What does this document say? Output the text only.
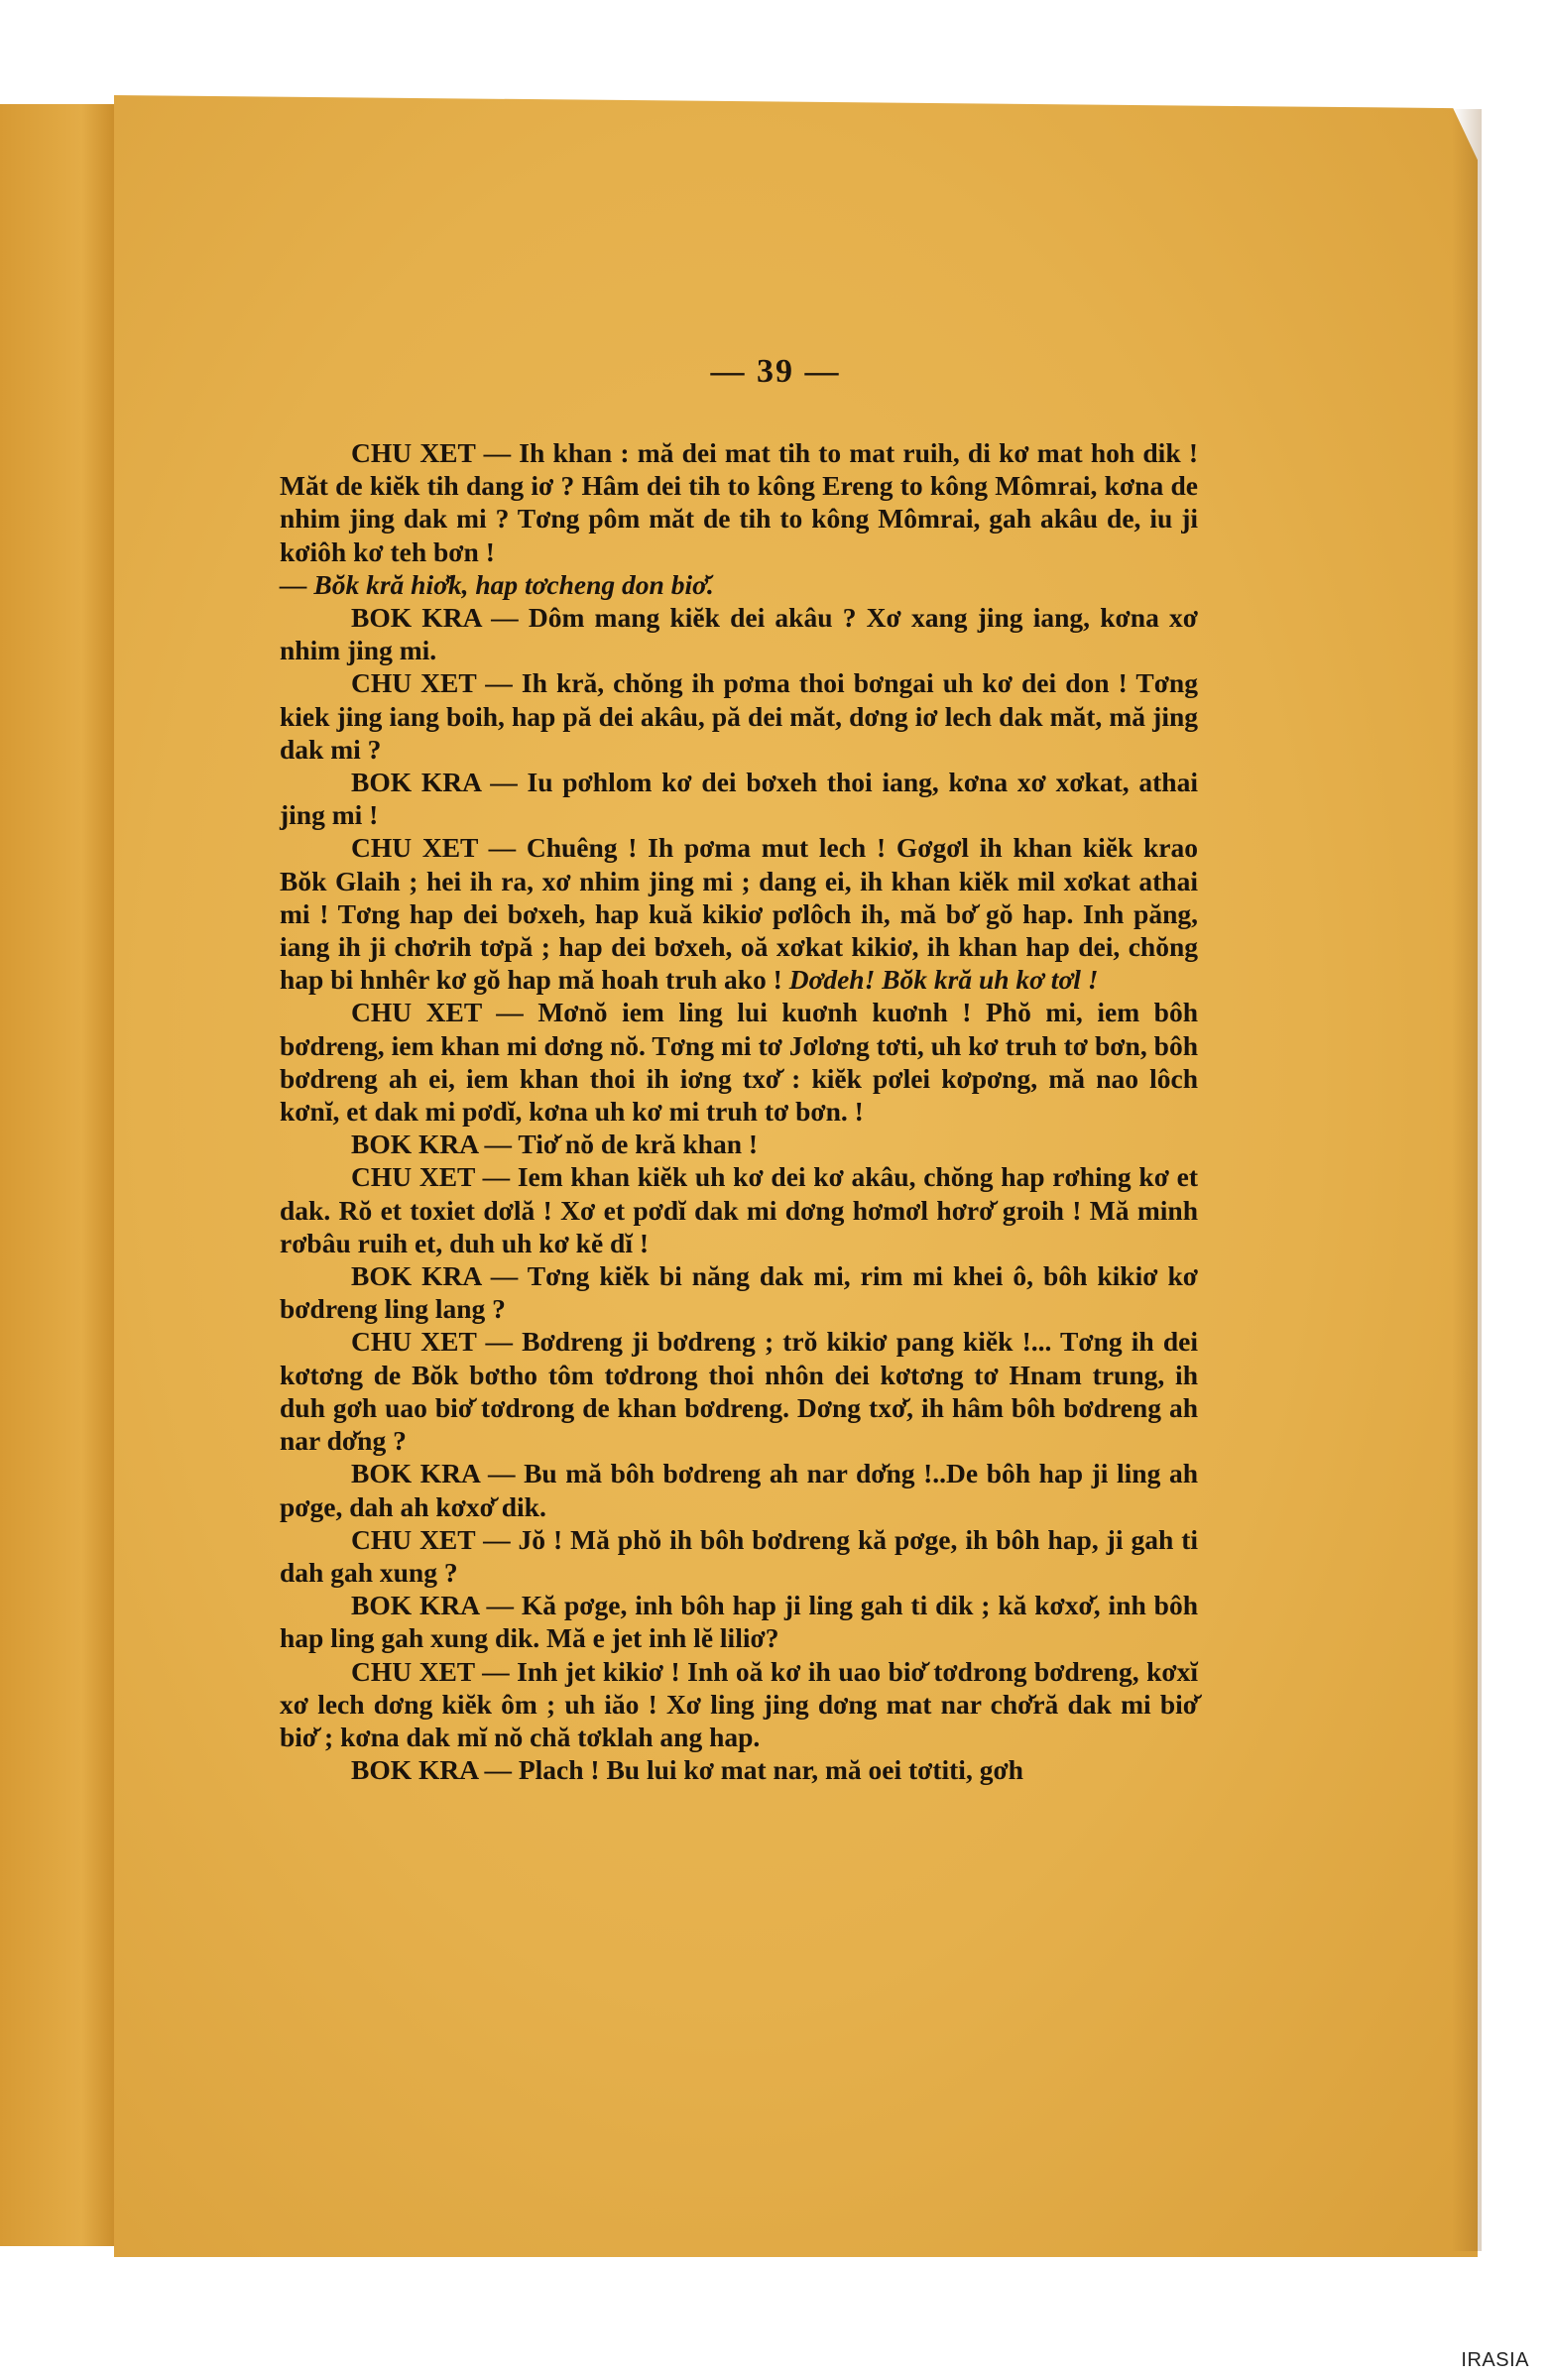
— 39 —

CHU XET — Ih khan : mă dei mat tih to mat ruih, di kơ mat hoh dik ! Măt de kiĕk tih dang iơ ? Hâm dei tih to kông Ereng to kông Mômrai, kơna de nhim jing dak mi ? Tơng pôm măt de tih to kông Mômrai, gah akâu de, iu ji kơiôh kơ teh bơn !
— Bŏk kră hiơ̆k, hap tơcheng don biơ̆.

BOK KRA — Dôm mang kiĕk dei akâu ? Xơ xang jing iang, kơna xơ nhim jing mi.

CHU XET — Ih kră, chŏng ih pơma thoi bơngai uh kơ dei don ! Tơng kiek jing iang boih, hap pă dei akâu, pă dei măt, dơng iơ lech dak măt, mă jing dak mi ?

BOK KRA — Iu pơhlom kơ dei bơxeh thoi iang, kơna xơ xơkat, athai jing mi !

CHU XET — Chuêng ! Ih pơma mut lech ! Gơgơl ih khan kiĕk krao Bŏk Glaih ; hei ih ra, xơ nhim jing mi ; dang ei, ih khan kiĕk mil xơkat athai mi ! Tơng hap dei bơxeh, hap kuă kikiơ pơlôch ih, mă bơ̆ gŏ hap. Inh păng, iang ih ji chơrih tơpă ; hap dei bơxeh, oă xơkat kikiơ, ih khan hap dei, chŏng hap bi hnhêr kơ gŏ hap mă hoah truh ako ! Dơdeh! Bŏk kră uh kơ tơl !

CHU XET — Mơnŏ iem ling lui kuơnh kuơnh ! Phŏ mi, iem bôh bơdreng, iem khan mi dơng nŏ. Tơng mi tơ Jơlơng tơti, uh kơ truh tơ bơn, bôh bơdreng ah ei, iem khan thoi ih iơng txơ̆ : kiĕk pơlei kơpơng, mă nao lôch kơnĭ, et dak mi pơdĭ, kơna uh kơ mi truh tơ bơn. !

BOK KRA — Tiơ̆ nŏ de kră khan !

CHU XET — Iem khan kiĕk uh kơ dei kơ akâu, chŏng hap rơhing kơ et dak. Rŏ et toxiet dơlă ! Xơ et pơdĭ dak mi dơng hơmơl hơrơ̆ groih ! Mă minh rơbâu ruih et, duh uh kơ kĕ dĭ !

BOK KRA — Tơng kiĕk bi năng dak mi, rim mi khei ô, bôh kikiơ kơ bơdreng ling lang ?

CHU XET — Bơdreng ji bơdreng ; trŏ kikiơ pang kiĕk !... Tơng ih dei kơtơng de Bŏk bơtho tôm tơdrong thoi nhôn dei kơtơng tơ Hnam trung, ih duh gơh uao biơ̆ tơdrong de khan bơdreng. Dơng txơ̆, ih hâm bôh bơdreng ah nar dơ̆ng ?

BOK KRA — Bu mă bôh bơdreng ah nar dơ̆ng !..De bôh hap ji ling ah pơge, dah ah kơxơ̆ dik.

CHU XET — Jŏ ! Mă phŏ ih bôh bơdreng kă pơge, ih bôh hap, ji gah ti dah gah xung ?

BOK KRA — Kă pơge, inh bôh hap ji ling gah ti dik ; kă kơxơ̆, inh bôh hap ling gah xung dik. Mă e jet inh lĕ liliơ?

CHU XET — Inh jet kikiơ ! Inh oă kơ ih uao biơ̆ tơdrong bơdreng, kơxĭ xơ lech dơng kiĕk ôm ; uh iăo ! Xơ ling jing dơng mat nar chơ̆ră dak mi biơ̆ biơ̆ ; kơna dak mĭ nŏ chă tơklah ang hap.

BOK KRA — Plach ! Bu lui kơ mat nar, mă oei tơtiti, gơh

IRASIA
